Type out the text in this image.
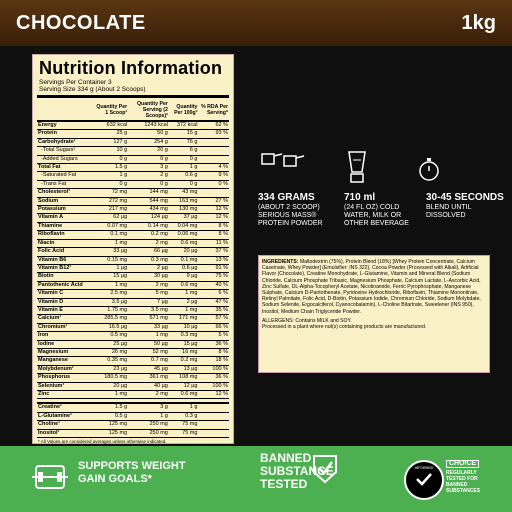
CHOCOLATE	1kg
Nutrition Information
Servings Per Container 3
Serving Size 334 g (About 2 Scoops)
	Quantity Per 1 Scoop¹	Quantity Per Serving (2 Scoops)²	Quantity Per 100g³	% RDA Per Serving*
Energy	632 kcal	1243 kcal	372 kcal	62 %
Protein	25 g	50 g	15 g	93 %
Carbohydrate¹	127 g	254 g	76 g	
-Total Sugars¹	10 g	20 g	6 g	
-Added Sugars	0 g	0 g	0 g	
Total Fat	1.5 g	3 g	1 g	4 %
-Saturated Fat	1 g	2 g	0.6 g	9 %
-Trans Fat	0 g	0 g	0 g	0 %
Cholesterol¹	72 mg	144 mg	43 mg	
Sodium	272 mg	544 mg	163 mg	27 %
Potassium	217 mg	434 mg	130 mg	12 %
Vitamin A	62 µg	124 µg	37 µg	12 %
Thiamine	0.07 mg	0.14 mg	0.04 mg	8 %
Riboflavin	0.1 mg	0.2 mg	0.06 mg	8 %
Niacin	1 mg	2 mg	0.6 mg	11 %
Folic Acid	33 µg	66 µg	20 µg	37 %
Vitamin B6	0.15 mg	0.3 mg	0.1 mg	13 %
Vitamin B12¹	1 µg	2 µg	0.6 µg	91 %
Biotin	15 µg	30 µg	9 µg	75 %
Pantothenic Acid	1 mg	2 mg	0.6 mg	40 %
Vitamin C	2.5 mg	5 mg	1 mg	6 %
Vitamin D	3.5 µg	7 µg	2 µg	47 %
Vitamin E	1.75 mg	3.5 mg	1 mg	35 %
Calcium¹	285.5 mg	571 mg	171 mg	57 %
Chromium¹	16.5 µg	33 µg	10 µg	66 %
Iron	0.5 mg	1 mg	0.3 mg	5 %
Iodine	25 µg	50 µg	15 µg	36 %
Magnesium	26 mg	52 mg	16 mg	8 %
Manganese	0.35 mg	0.7 mg	0.2 mg	18 %
Molybdenum¹	23 µg	45 µg	13 µg	100 %
Phosphorus	180.5 mg	361 mg	108 mg	36 %
Selenium¹	20 µg	40 µg	12 µg	100 %
Zinc	1 mg	2 mg	0.6 mg	12 %

Creatine¹	1.5 g	3 g	1 g	
L-Glutamine¹	0.5 g	1 g	0.3 g	
Choline¹	125 mg	250 mg	75 mg	
Inositol¹	125 mg	250 mg	75 mg	
* All Values are considered averages unless otherwise indicated.
334 GRAMS
(ABOUT 2 SCOOP) SERIOUS MASS® PROTEIN POWDER
710 ml
(24 FL OZ) COLD WATER, MILK OR OTHER BEVERAGE
30-45 SECONDS
BLEND UNTIL DISSOLVED
INGREDIENTS: Maltodextrin (75%), Protein Blend (18%) [Whey Protein Concentrate, Calcium Caseinate, Whey Powder] (Emulsifier: INS 322), Cocoa Powder (Processed with Alkali), Artificial Flavor (Chocolate), Creatine Monohydrate, L-Glutamine, Vitamin and Mineral Blend (Sodium Chloride, Calcium Phosphate Tribasic, Magnesium Phosphate, Calcium Lactate, L-Ascorbic Acid, Zinc Sulfate, DL-Alpha-Tocopheryl Acetate, Nicotinamide, Ferric Pyrophosphate, Manganese Sulphate, Calcium D-Pantothenate, Pyridoxine Hydrochloride, Riboflavin, Thiamine Mononitrate, Retinyl Palmitate, Folic Acid, D-Biotin, Potassium Iodide, Chromium Chloride, Sodium Molybdate, Sodium Selenite, Ergocalciferol, Cyanocobalamin), L-Choline Bitartrate, Sweetener (INS 950), Inositol, Medium Chain Triglyceride Powder.
ALLERGENS: Contains MILK and SOY.
Processed in a plant where nut(s) containing products are manufactured.
SUPPORTS WEIGHT GAIN GOALS*
BANNED
SUBSTANCE
TESTED
INFORMED
CHOICE
REGULARLY
TESTED FOR
BANNED
SUBSTANCES
